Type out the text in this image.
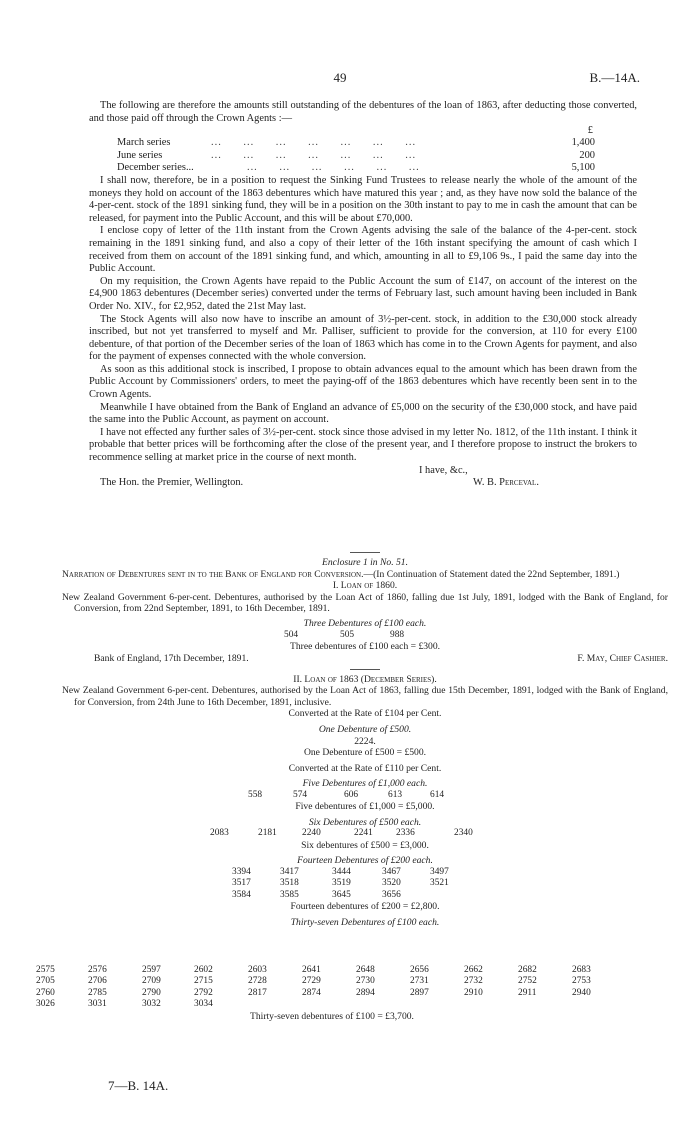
49	B.—14A.

The following are therefore the amounts still outstanding of the debentures of the loan of 1863, after deducting those converted, and those paid off through the Crown Agents :—

£
March series	...      ...      ...      ...      ...      ...      ...	1,400
June series	...      ...      ...      ...      ...      ...      ...	200
December series... ...      ...      ...      ...      ...      ...	5,100

I shall now, therefore, be in a position to request the Sinking Fund Trustees to release nearly the whole of the amount of the moneys they hold on account of the 1863 debentures which have matured this year ; and, as they have now sold the balance of the 4-per-cent. stock of the 1891 sinking fund, they will be in a position on the 30th instant to pay to me in cash the amount that can be released, for payment into the Public Account, and this will be about £70,000.

I enclose copy of letter of the 11th instant from the Crown Agents advising the sale of the balance of the 4-per-cent. stock remaining in the 1891 sinking fund, and also a copy of their letter of the 16th instant specifying the amount of cash which I received from them on account of the 1891 sinking fund, and which, amounting in all to £9,106 9s., I paid the same day into the Public Account.

On my requisition, the Crown Agents have repaid to the Public Account the sum of £147, on account of the interest on the £4,900 1863 debentures (December series) converted under the terms of February last, such amount having been included in Bank Order No. XIV., for £2,952, dated the 21st May last.

The Stock Agents will also now have to inscribe an amount of 3½-per-cent. stock, in addition to the £30,000 stock already inscribed, but not yet transferred to myself and Mr. Palliser, sufficient to provide for the conversion, at 110 for every £100 debenture, of that portion of the December series of the loan of 1863 which has come in to the Crown Agents for payment, and also for the payment of expenses connected with the whole conversion.

As soon as this additional stock is inscribed, I propose to obtain advances equal to the amount which has been drawn from the Public Account by Commissioners' orders, to meet the paying-off of the 1863 debentures which have recently been sent in to the Crown Agents.

Meanwhile I have obtained from the Bank of England an advance of £5,000 on the security of the £30,000 stock, and have paid the same into the Public Account, as payment on account.

I have not effected any further sales of 3½-per-cent. stock since those advised in my letter No. 1812, of the 11th instant. I think it probable that better prices will be forthcoming after the close of the present year, and I therefore propose to instruct the brokers to recommence selling at market price in the course of next month.

I have, &c.,
The Hon. the Premier, Wellington.	W. B. Perceval.
Enclosure 1 in No. 51.
Narration of Debentures sent in to the Bank of England for Conversion.—(In Continuation of Statement dated the 22nd September, 1891.)
I. Loan of 1860.
New Zealand Government 6-per-cent. Debentures, authorised by the Loan Act of 1860, falling due 1st July, 1891, lodged with the Bank of England, for Conversion, from 22nd September, 1891, to 16th December, 1891.
Three Debentures of £100 each.
504	505	988
Three debentures of £100 each = £300.
Bank of England, 17th December, 1891.	F. May, Chief Cashier.
II. Loan of 1863 (December Series).
New Zealand Government 6-per-cent. Debentures, authorised by the Loan Act of 1863, falling due 15th December, 1891, lodged with the Bank of England, for Conversion, from 24th June to 16th December, 1891, inclusive.
Converted at the Rate of £104 per Cent.
One Debenture of £500.
2224.
One Debenture of £500 = £500.
Converted at the Rate of £110 per Cent.
Five Debentures of £1,000 each.
558	574	606	613	614
Five debentures of £1,000 = £5,000.
Six Debentures of £500 each.
2083	2181	2240	2241 2336	2340
Six debentures of £500 = £3,000.
Fourteen Debentures of £200 each.
3394	3417	3444	3467	3497
3517	3518	3519	3520	3521
3584	3585	3645	3656
Fourteen debentures of £200 = £2,800.
Thirty-seven Debentures of £100 each.
2575	2576	2597	2602	2603	2641	2648	2656	2662	2682	2683
2705	2706	2709	2715	2728	2729	2730	2731	2732	2752	2753
2760	2785	2790	2792	2817	2874	2894	2897	2910	2911	2940
3026	3031	3032	3034
Thirty-seven debentures of £100 = £3,700.
7—B. 14A.
